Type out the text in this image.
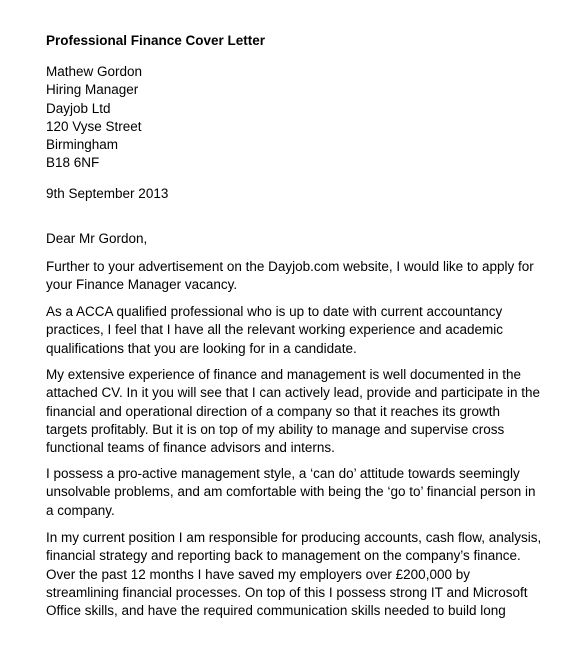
Professional Finance Cover Letter
Mathew Gordon
Hiring Manager
Dayjob Ltd
120 Vyse Street
Birmingham
B18 6NF
9th September 2013
Dear Mr Gordon,
Further to your advertisement on the Dayjob.com website, I would like to apply for
your Finance Manager vacancy.
As a ACCA qualified professional who is up to date with current accountancy
practices, I feel that I have all the relevant working experience and academic
qualifications that you are looking for in a candidate.
My extensive experience of finance and management is well documented in the
attached CV. In it you will see that I can actively lead, provide and participate in the
financial and operational direction of a company so that it reaches its growth
targets profitably. But it is on top of my ability to manage and supervise cross
functional teams of finance advisors and interns.
I possess a pro-active management style, a ‘can do’ attitude towards seemingly
unsolvable problems, and am comfortable with being the ‘go to’ financial person in
a company.
In my current position I am responsible for producing accounts, cash flow, analysis,
financial strategy and reporting back to management on the company’s finance.
Over the past 12 months I have saved my employers over £200,000 by
streamlining financial processes. On top of this I possess strong IT and Microsoft
Office skills, and have the required communication skills needed to build long
